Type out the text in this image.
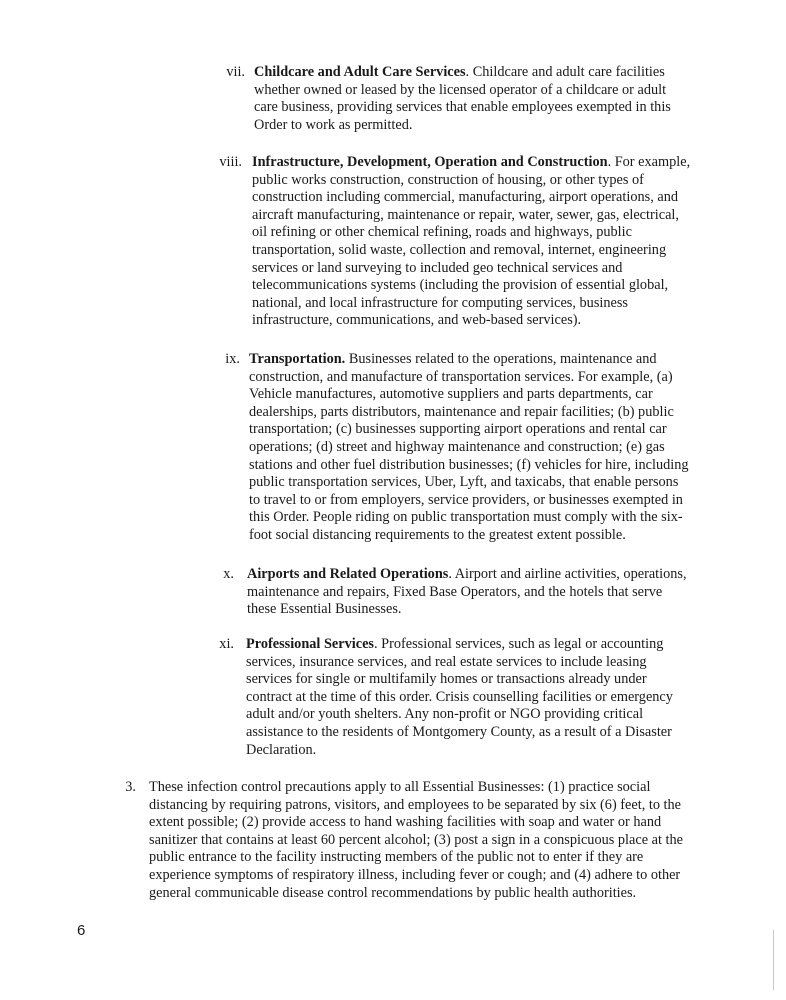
vii. Childcare and Adult Care Services. Childcare and adult care facilities whether owned or leased by the licensed operator of a childcare or adult care business, providing services that enable employees exempted in this Order to work as permitted.
viii. Infrastructure, Development, Operation and Construction. For example, public works construction, construction of housing, or other types of construction including commercial, manufacturing, airport operations, and aircraft manufacturing, maintenance or repair, water, sewer, gas, electrical, oil refining or other chemical refining, roads and highways, public transportation, solid waste, collection and removal, internet, engineering services or land surveying to included geo technical services and telecommunications systems (including the provision of essential global, national, and local infrastructure for computing services, business infrastructure, communications, and web-based services).
ix. Transportation. Businesses related to the operations, maintenance and construction, and manufacture of transportation services. For example, (a) Vehicle manufactures, automotive suppliers and parts departments, car dealerships, parts distributors, maintenance and repair facilities; (b) public transportation; (c) businesses supporting airport operations and rental car operations; (d) street and highway maintenance and construction; (e) gas stations and other fuel distribution businesses; (f) vehicles for hire, including public transportation services, Uber, Lyft, and taxicabs, that enable persons to travel to or from employers, service providers, or businesses exempted in this Order. People riding on public transportation must comply with the six-foot social distancing requirements to the greatest extent possible.
x. Airports and Related Operations. Airport and airline activities, operations, maintenance and repairs, Fixed Base Operators, and the hotels that serve these Essential Businesses.
xi. Professional Services. Professional services, such as legal or accounting services, insurance services, and real estate services to include leasing services for single or multifamily homes or transactions already under contract at the time of this order. Crisis counselling facilities or emergency adult and/or youth shelters. Any non-profit or NGO providing critical assistance to the residents of Montgomery County, as a result of a Disaster Declaration.
3. These infection control precautions apply to all Essential Businesses: (1) practice social distancing by requiring patrons, visitors, and employees to be separated by six (6) feet, to the extent possible; (2) provide access to hand washing facilities with soap and water or hand sanitizer that contains at least 60 percent alcohol; (3) post a sign in a conspicuous place at the public entrance to the facility instructing members of the public not to enter if they are experience symptoms of respiratory illness, including fever or cough; and (4) adhere to other general communicable disease control recommendations by public health authorities.
6
